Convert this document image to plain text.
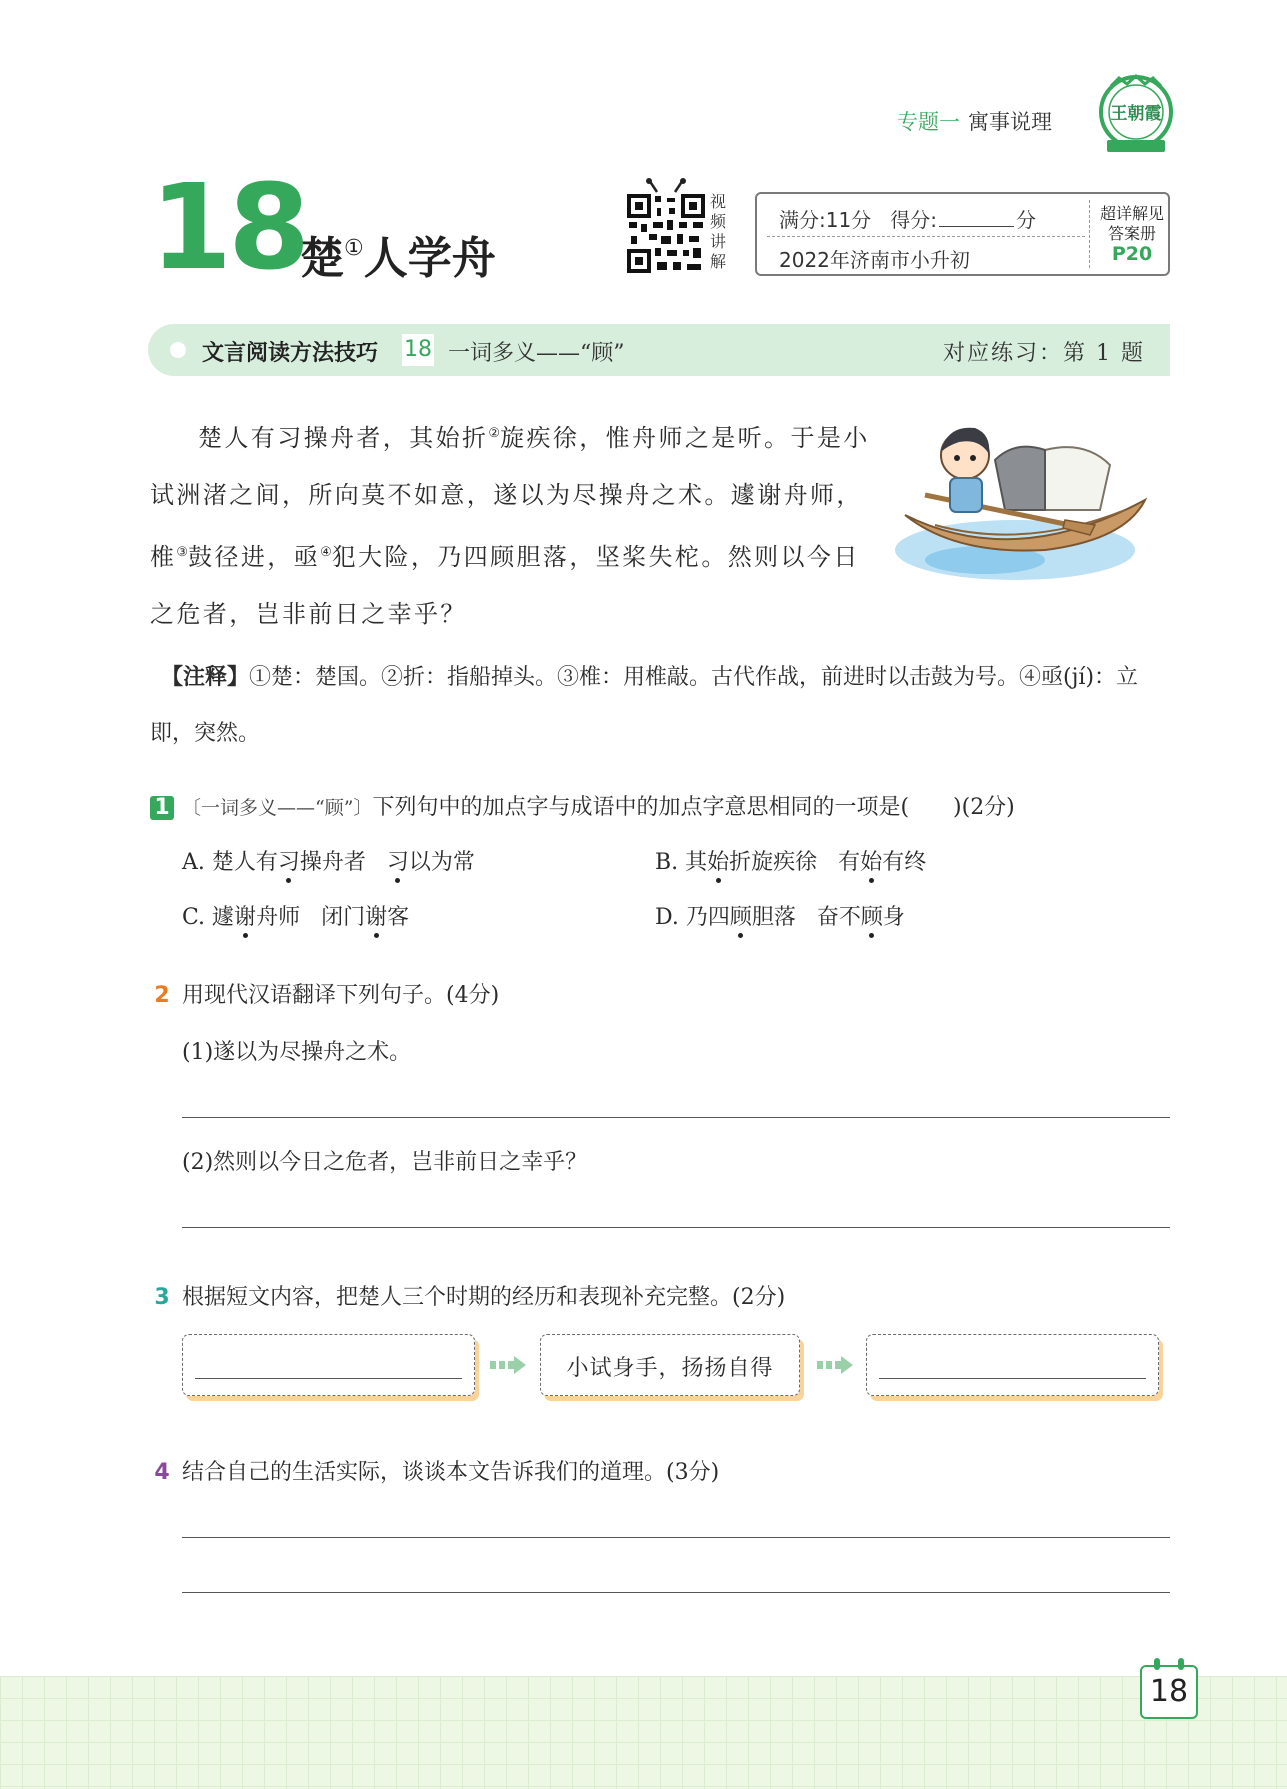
专题一 寓事说理	王朝霞
18
楚①人学舟
视
频
讲
解
满分:11分 得分:	分
2022年济南市小升初
超详解见
答案册
P20
文言阅读方法技巧 18 一词多义——“顾”	对应练习：第 1 题

楚人有习操舟者，其始折②旋疾徐，惟舟师之是听。于是小试洲渚之间，所向莫不如意，遂以为尽操舟之术。遽谢舟师，椎③鼓径进，亟④犯大险，乃四顾胆落，坚桨失柁。然则以今日之危者，岂非前日之幸乎？

【注释】①楚：楚国。②折：指船掉头。③椎：用椎敲。古代作战，前进时以击鼓为号。④亟(jí)：立即，突然。
1 〔一词多义——“顾”〕下列句中的加点字与成语中的加点字意思相同的一项是(　　)(2分)
A. 楚人有习操舟者 习以为常	B. 其始折旋疾徐 有始有终
C. 遽谢舟师 闭门谢客	D. 乃四顾胆落 奋不顾身
2 用现代汉语翻译下列句子。(4分)
(1)遂以为尽操舟之术。
(2)然则以今日之危者，岂非前日之幸乎？
3 根据短文内容，把楚人三个时期的经历和表现补充完整。(2分)
小试身手，扬扬自得
4 结合自己的生活实际，谈谈本文告诉我们的道理。(3分)
18
